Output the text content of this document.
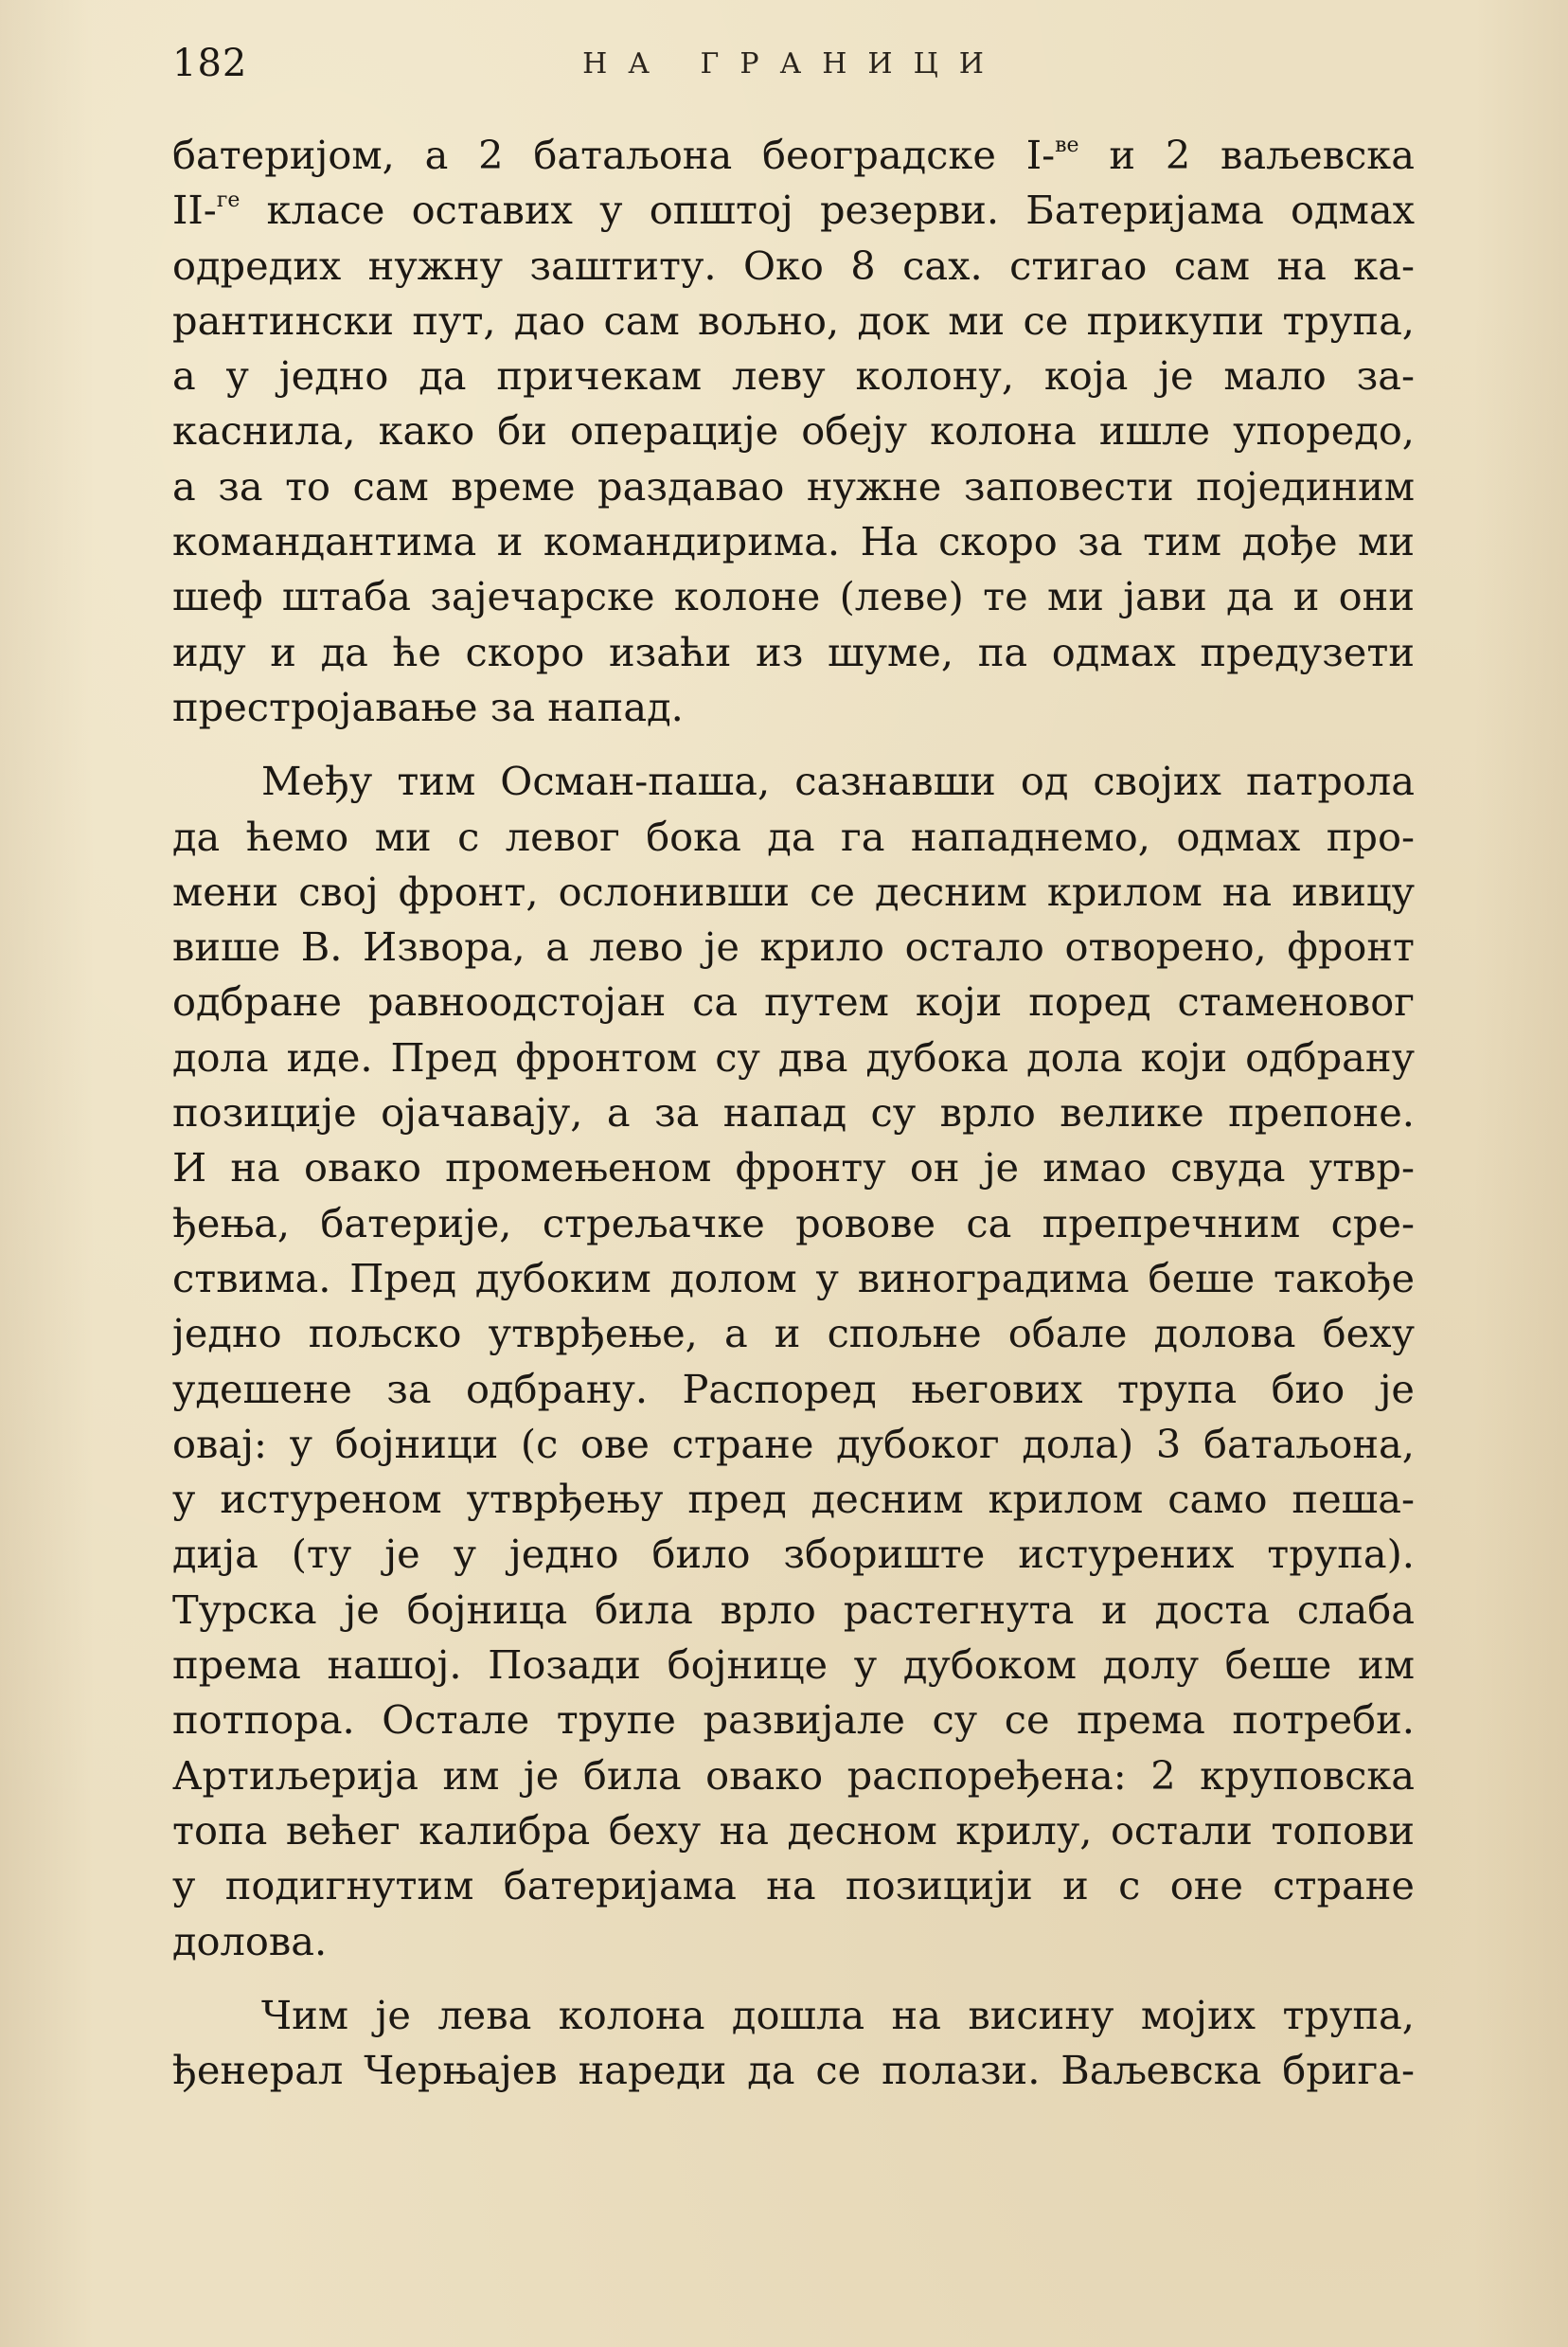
182	НА ГРАНИЦИ
батеријом, а 2 батаљона београдске I-$^{ве}$ и 2 ваљевска
II-$^{ге}$ класе оставих у општој резерви. Батеријама одмах
одредих нужну заштиту. Око 8 сах. стигао сам на ка-
рантински пут, дао сам вољно, док ми се прикупи трупа,
а у једно да причекам леву колону, која је мало за-
каснила, како би операције обеју колона ишле упоредо,
а за то сам време раздавао нужне заповести појединим
командантима и командирима. На скоро за тим дође ми
шеф штаба зајечарске колоне (леве) те ми јави да и они
иду и да ће скоро изаћи из шуме, па одмах предузети
престројавање за напад.
Међу тим Осман-паша, сазнавши од својих патрола
да ћемо ми с левог бока да га нападнемо, одмах про-
мени свој фронт, ослонивши се десним крилом на ивицу
више В. Извора, а лево је крило остало отворено, фронт
одбране равноодстојан са путем који поред стаменовог
дола иде. Пред фронтом су два дубока дола који одбрану
позиције ојачавају, а за напад су врло велике препоне.
И на овако промењеном фронту он је имао свуда утвр-
ђења, батерије, стрељачке ровове са препречним сре-
ствима. Пред дубоким долом у виноградима беше такође
једно пољско утврђење, а и спољне обале долова беху
удешене за одбрану. Распоред његових трупа био је
овај: у бојници (с ове стране дубоког дола) 3 батаљона,
у истуреном утврђењу пред десним крилом само пеша-
дија (ту је у једно било збориште истурених трупа).
Турска је бојница била врло растегнута и доста слаба
према нашој. Позади бојнице у дубоком долу беше им
потпора. Остале трупе развијале су се према потреби.
Артиљерија им је била овако распоређена: 2 круповска
топа већег калибра беху на десном крилу, остали топови
у подигнутим батеријама на позицији и с оне стране
долова.
Чим је лева колона дошла на висину мојих трупа,
ђенерал Черњајев нареди да се полази. Ваљевска брига-
